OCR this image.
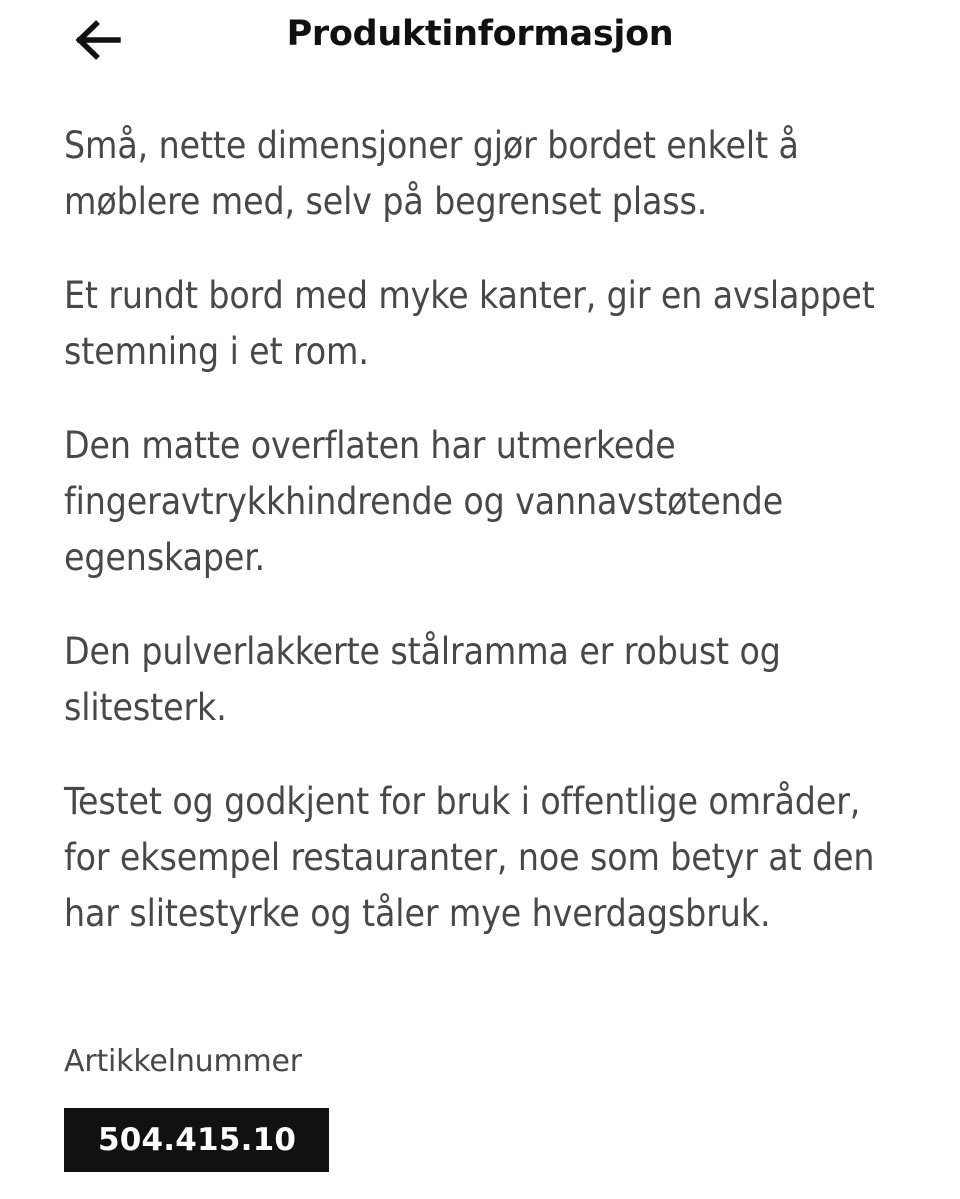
Produktinformasjon

Små, nette dimensjoner gjør bordet enkelt å møblere med, selv på begrenset plass.

Et rundt bord med myke kanter, gir en avslappet stemning i et rom.

Den matte overflaten har utmerkede fingeravtrykkhindrende og vannavstøtende egenskaper.

Den pulverlakkerte stålramma er robust og slitesterk.

Testet og godkjent for bruk i offentlige områder, for eksempel restauranter, noe som betyr at den har slitestyrke og tåler mye hverdagsbruk.

Artikkelnummer

504.415.10
